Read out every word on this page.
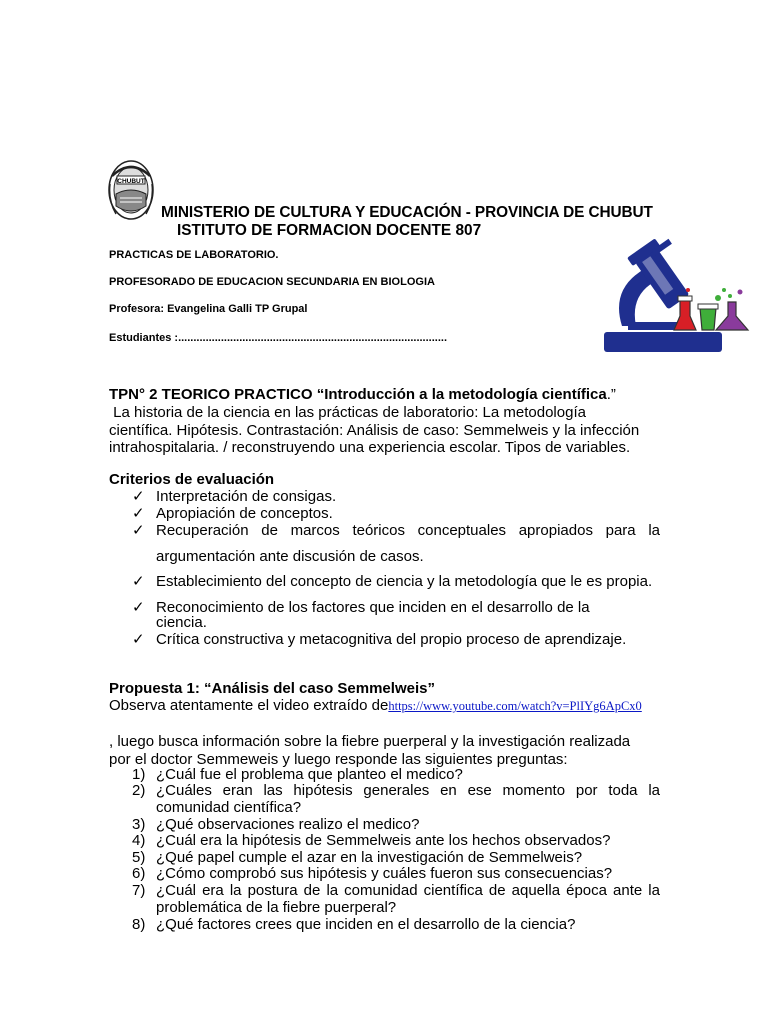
CHUBUT
MINISTERIO DE CULTURA Y EDUCACIÓN - PROVINCIA DE CHUBUT
ISTITUTO DE FORMACION DOCENTE 807
PRACTICAS DE LABORATORIO.
PROFESORADO DE EDUCACION SECUNDARIA EN BIOLOGIA
Profesora: Evangelina Galli TP Grupal
Estudiantes :........................................................................................
TPN° 2 TEORICO PRACTICO “Introducción a la metodología científica.”
La historia de la ciencia en las prácticas de laboratorio: La metodología
científica. Hipótesis. Contrastación: Análisis de caso: Semmelweis y la infección
intrahospitalaria. / reconstruyendo una experiencia escolar. Tipos de variables.
Criterios de evaluación
✓ Interpretación de consigas.
✓ Apropiación de conceptos.
✓ Recuperación de marcos teóricos conceptuales apropiados para la
argumentación ante discusión de casos.
✓ Establecimiento del concepto de ciencia y la metodología que le es propia.
✓ Reconocimiento de los factores que inciden en el desarrollo de la
ciencia.
✓ Crítica constructiva y metacognitiva del propio proceso de aprendizaje.
Propuesta 1: “Análisis del caso Semmelweis”
Observa atentamente el video extraído dehttps://www.youtube.com/watch?v=PlIYg6ApCx0
, luego busca información sobre la fiebre puerperal y la investigación realizada
por el doctor Semmeweis y luego responde las siguientes preguntas:
1) ¿Cuál fue el problema que planteo el medico?
2) ¿Cuáles eran las hipótesis generales en ese momento por toda la
comunidad científica?
3) ¿Qué observaciones realizo el medico?
4) ¿Cuál era la hipótesis de Semmelweis ante los hechos observados?
5) ¿Qué papel cumple el azar en la investigación de Semmelweis?
6) ¿Cómo comprobó sus hipótesis y cuáles fueron sus consecuencias?
7) ¿Cuál era la postura de la comunidad científica de aquella época ante la
problemática de la fiebre puerperal?
8) ¿Qué factores crees que inciden en el desarrollo de la ciencia?
